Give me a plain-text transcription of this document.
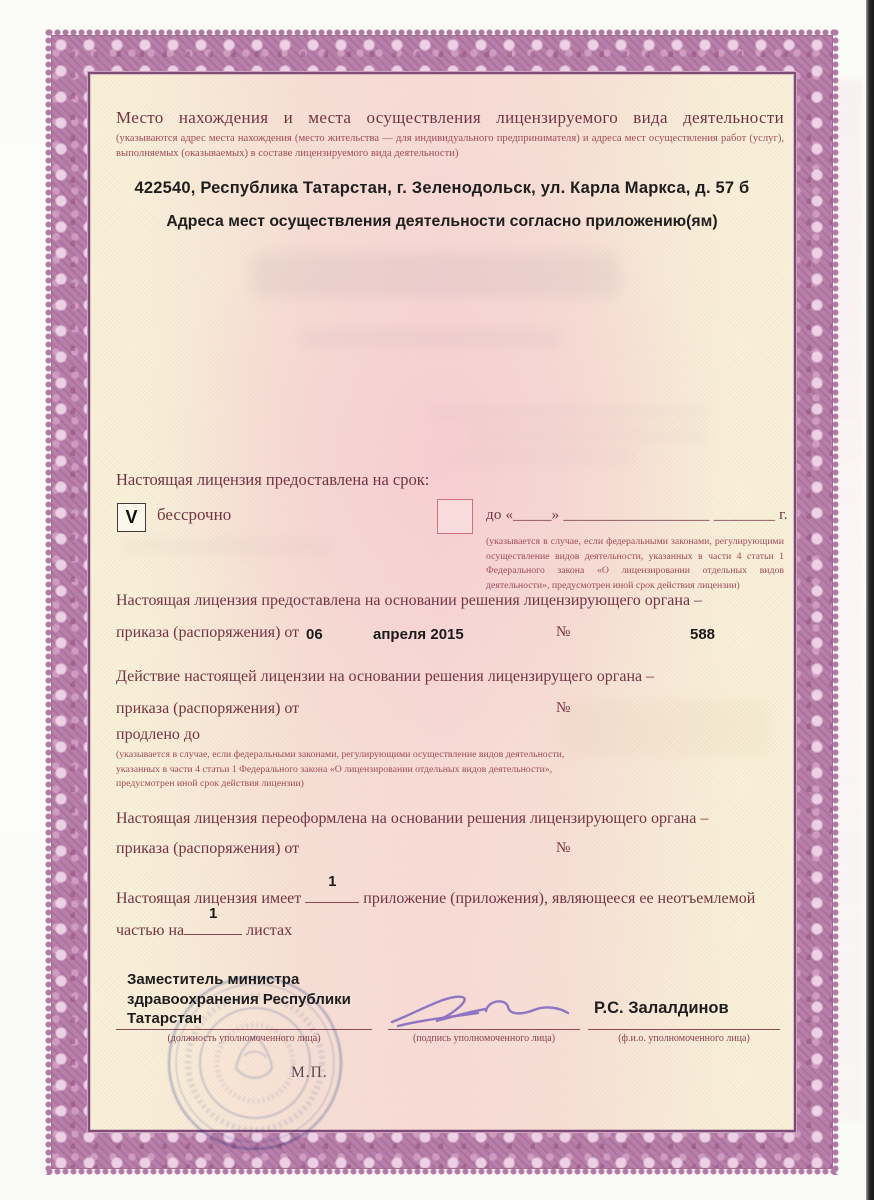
Место нахождения и места осуществления лицензируемого вида деятельности
(указываются адрес места нахождения (место жительства — для индивидуального предпринимателя) и адреса мест осуществления работ (услуг), выполняемых (оказываемых) в составе лицензируемого вида деятельности)
422540, Республика Татарстан, г. Зеленодольск, ул. Карла Маркса, д. 57 б
Адреса мест осуществления деятельности согласно приложению(ям)
Настоящая лицензия предоставлена на срок:
V бессрочно	до «_____» ___________________ ________ г.
(указывается в случае, если федеральными законами, регулирующими осуществление видов деятельности, указанных в части 4 статьи 1 Федерального закона «О лицензировании отдельных видов деятельности», предусмотрен иной срок действия лицензии)
Настоящая лицензия предоставлена на основании решения лицензирующего органа –
приказа (распоряжения) от 06	апреля 2015	№	588
Действие настоящей лицензии на основании решения лицензирущего органа –
приказа (распоряжения) от	№
продлено до
(указывается в случае, если федеральными законами, регулирующими осуществление видов деятельности, указанных в части 4 статьи 1 Федерального закона «О лицензировании отдельных видов деятельности», предусмотрен иной срок действия лицензии)
Настоящая лицензия переоформлена на основании решения лицензирующего органа –
приказа (распоряжения) от	№
Настоящая лицензия имеет
1
приложение (приложения), являющееся ее неотъемлемой
частью на
1
листах
Заместитель министра здравоохранения Республики Татарстан
(должность уполномоченного лица)	(подпись уполномоченного лица)
Р.С. Залалдинов
(ф.и.о. уполномоченного лица)
М.П.
